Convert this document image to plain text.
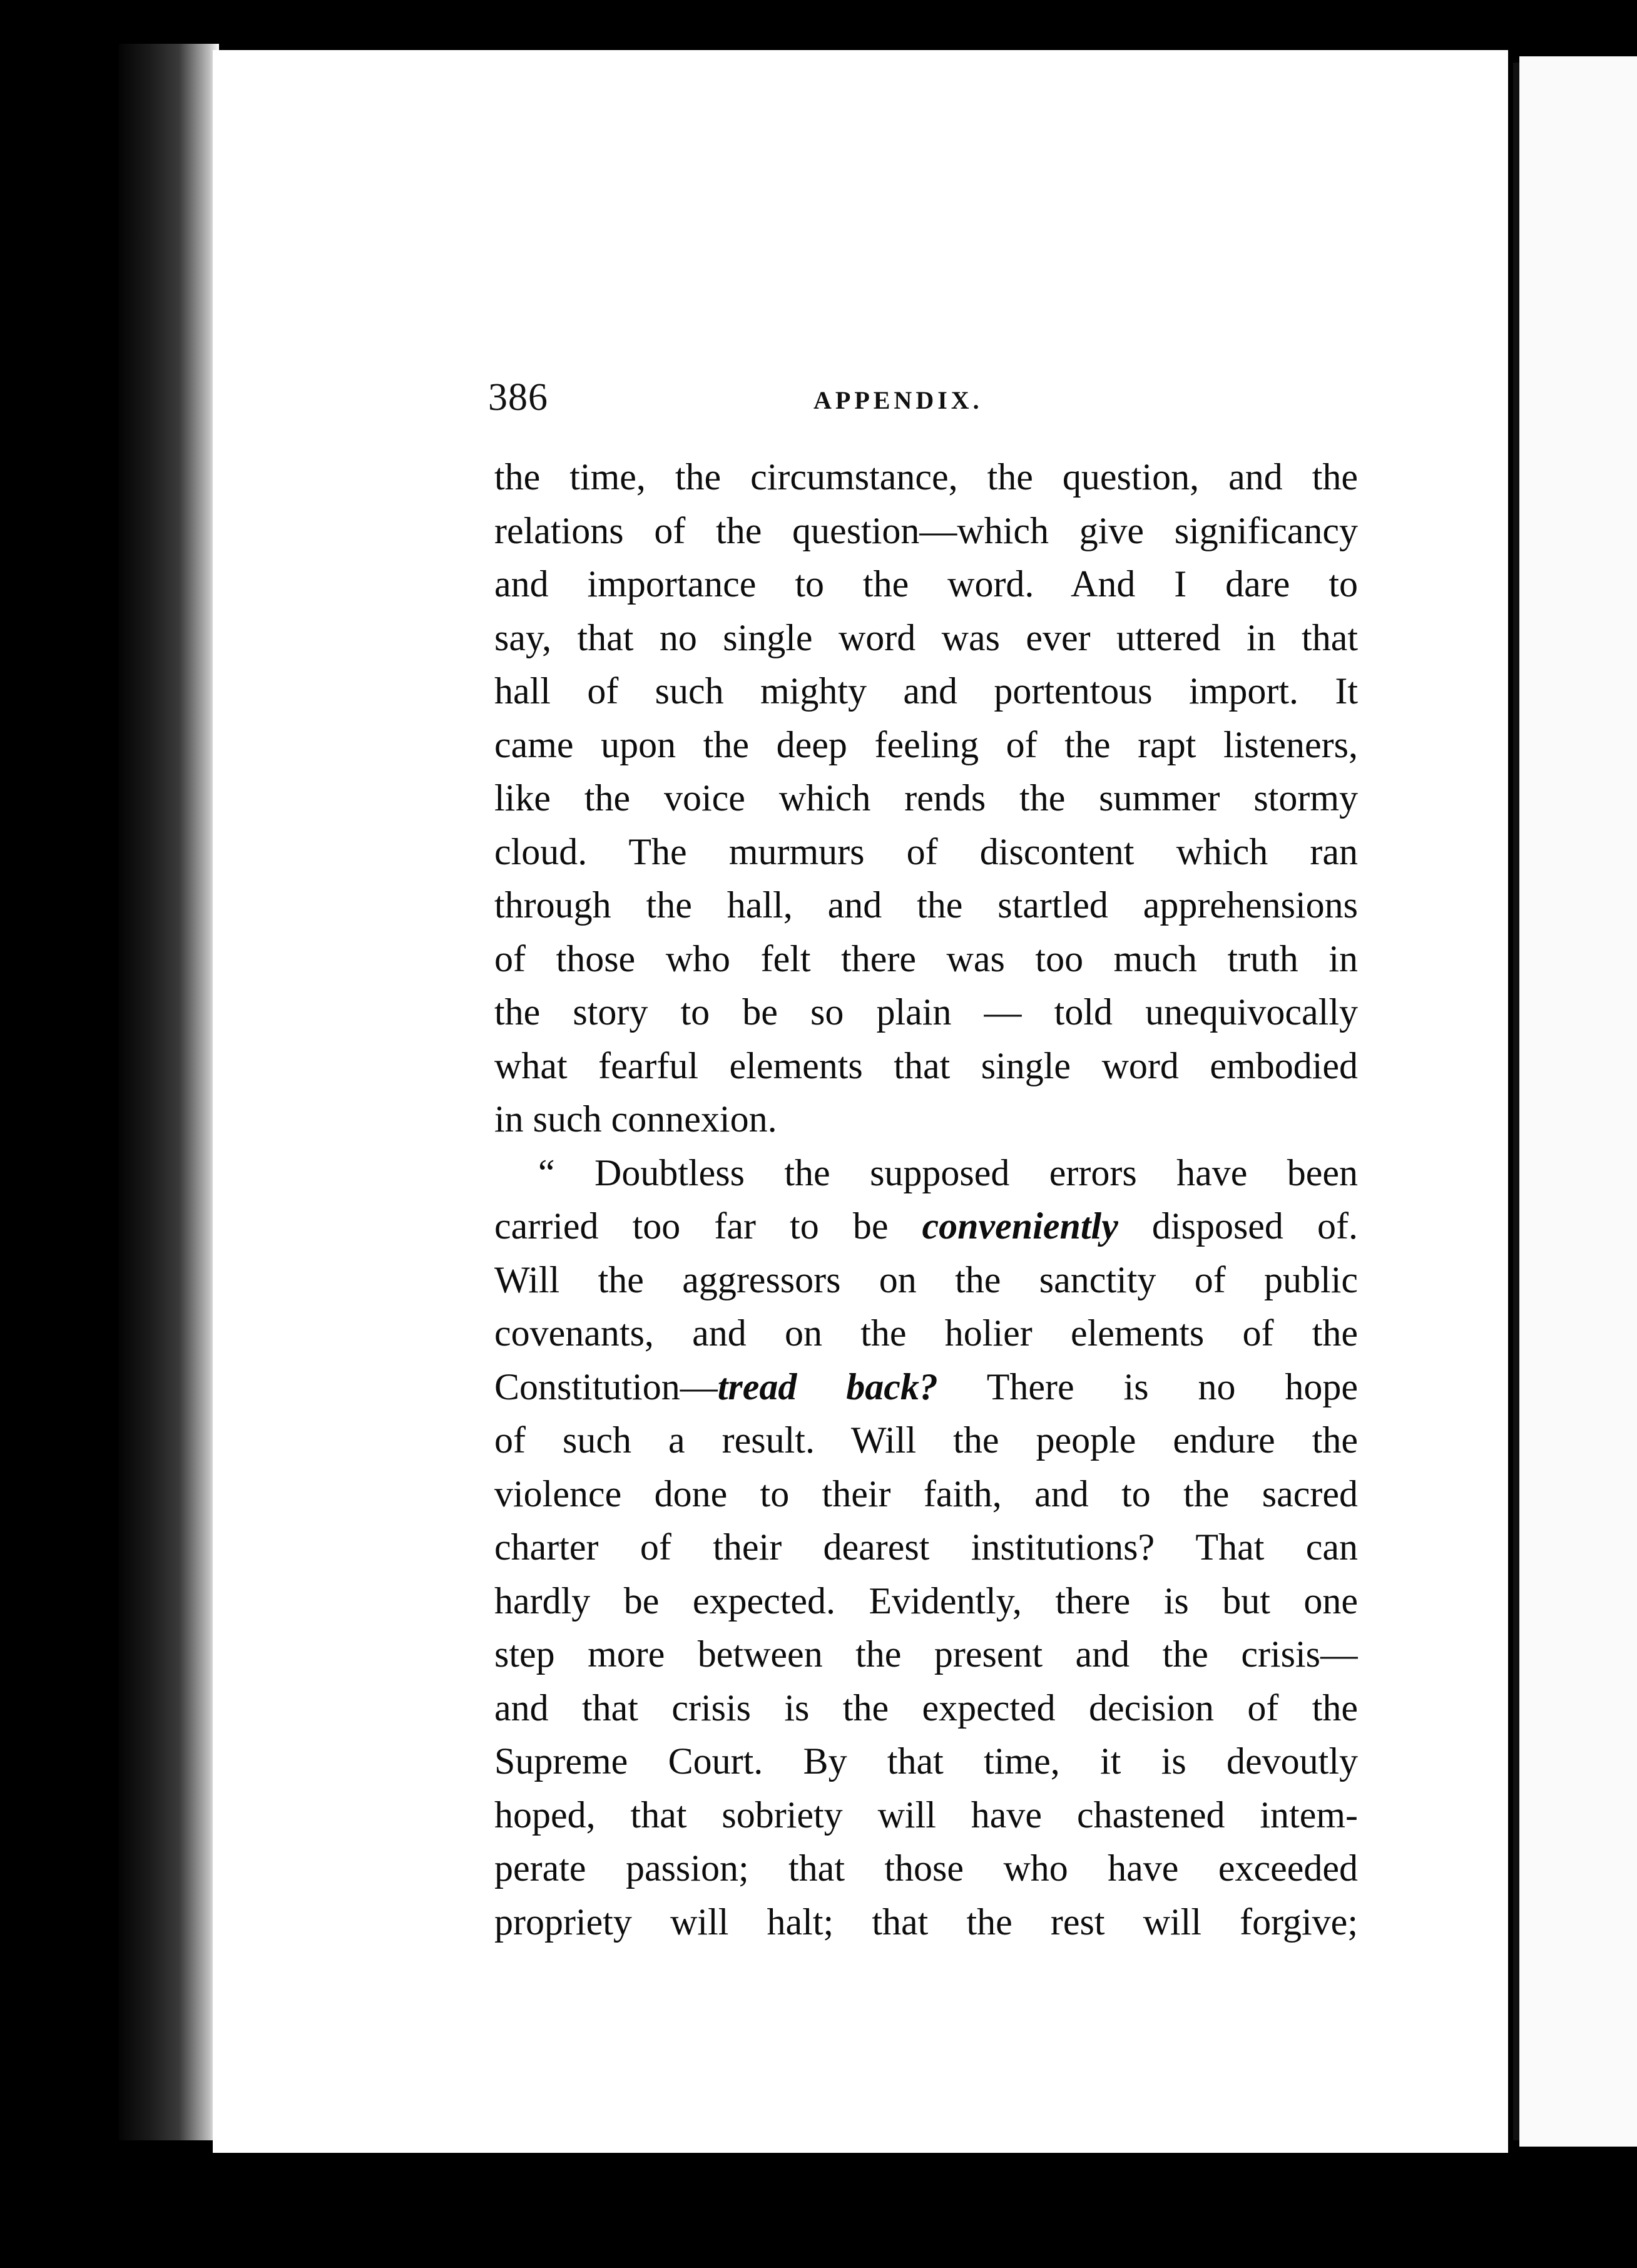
386	APPENDIX.
the time, the circumstance, the question, and the
relations of the question—which give significancy
and importance to the word. And I dare to
say, that no single word was ever uttered in that
hall of such mighty and portentous import. It
came upon the deep feeling of the rapt listeners,
like the voice which rends the summer stormy
cloud. The murmurs of discontent which ran
through the hall, and the startled apprehensions
of those who felt there was too much truth in
the story to be so plain — told unequivocally
what fearful elements that single word embodied
in such connexion.
“ Doubtless the supposed errors have been
carried too far to be conveniently disposed of.
Will the aggressors on the sanctity of public
covenants, and on the holier elements of the
Constitution—tread back? There is no hope
of such a result. Will the people endure the
violence done to their faith, and to the sacred
charter of their dearest institutions? That can
hardly be expected. Evidently, there is but one
step more between the present and the crisis—
and that crisis is the expected decision of the
Supreme Court. By that time, it is devoutly
hoped, that sobriety will have chastened intem-
perate passion; that those who have exceeded
propriety will halt; that the rest will forgive;
